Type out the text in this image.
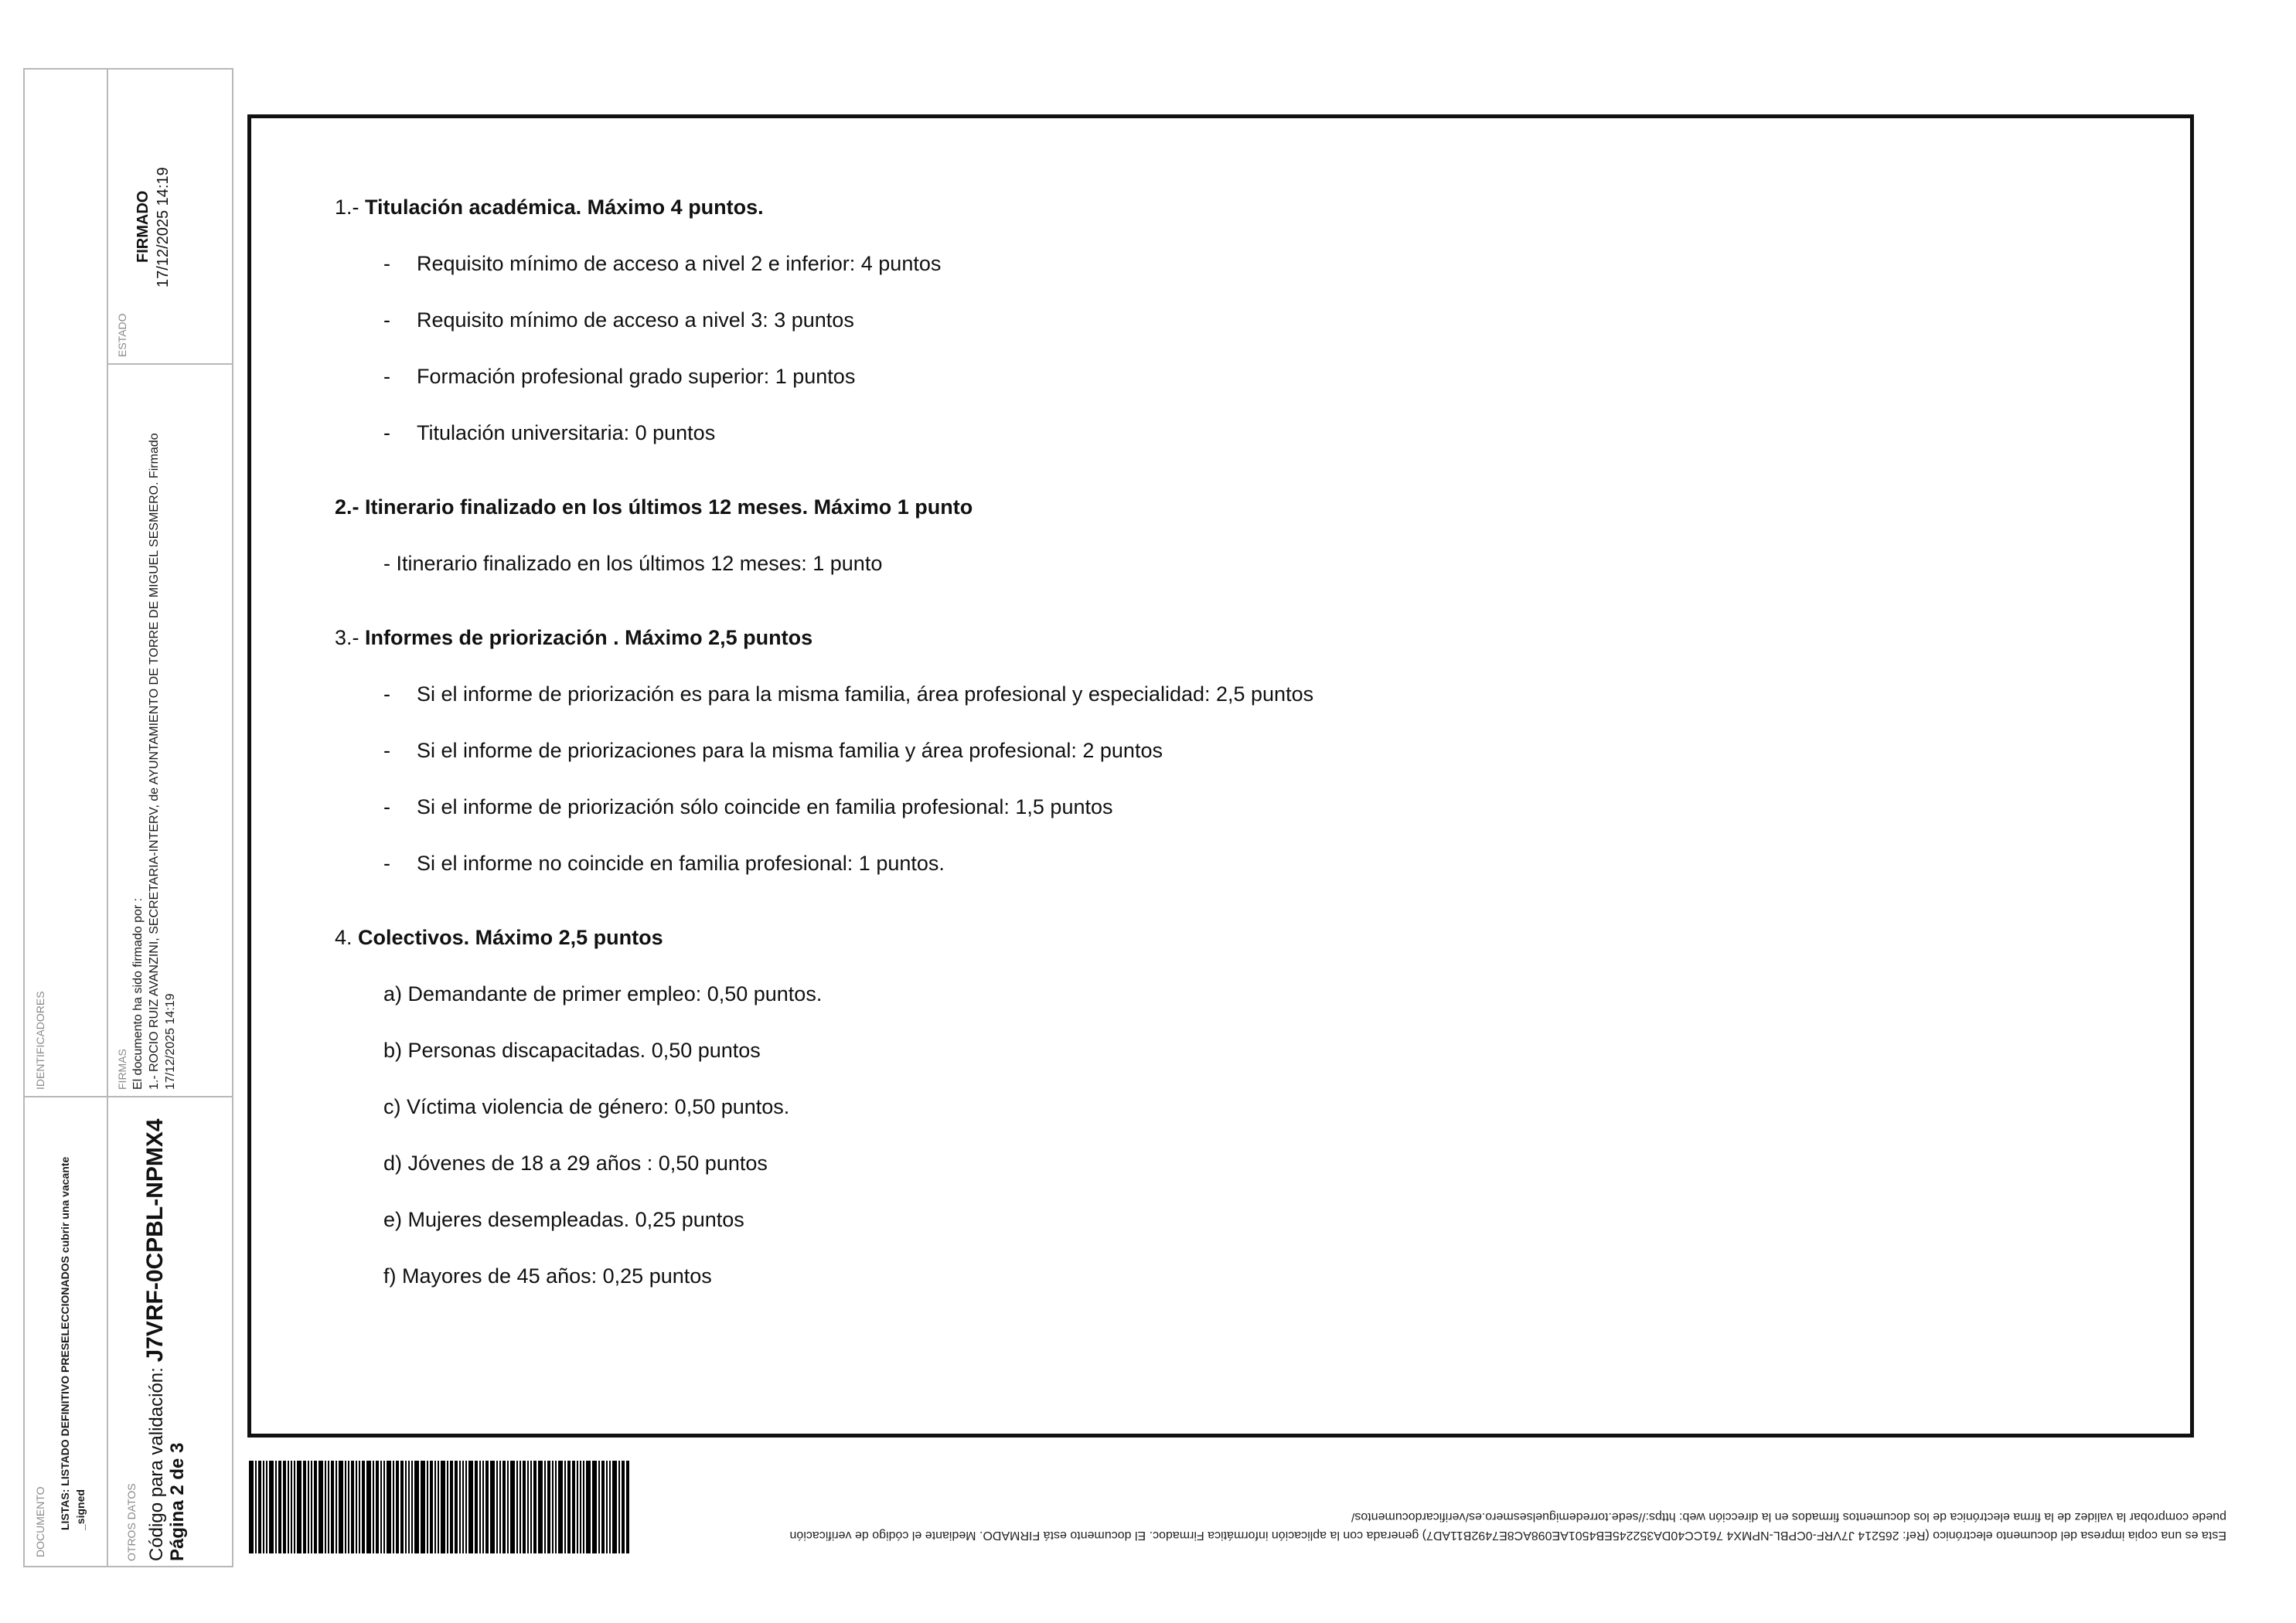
DOCUMENTO LISTAS: LISTADO DEFINITIVO PRESELECCIONADOS cubrir una vacante _signed
IDENTIFICADORES
OTROS DATOS Código para validación: J7VRF-0CPBL-NPMX4
Página 2 de 3
FIRMAS El documento ha sido firmado por : 1.- ROCIO RUIZ AVANZINI, SECRETARIA-INTERV, de AYUNTAMIENTO DE TORRE DE MIGUEL SESMERO. Firmado 17/12/2025 14:19
ESTADO
FIRMADO 17/12/2025 14:19	1.- Titulación académica. Máximo 4 puntos.
- Requisito mínimo de acceso a nivel 2 e inferior: 4 puntos
- Requisito mínimo de acceso a nivel 3: 3 puntos
- Formación profesional grado superior: 1 puntos
- Titulación universitaria: 0 puntos
2.- Itinerario finalizado en los últimos 12 meses. Máximo 1 punto
- Itinerario finalizado en los últimos 12 meses: 1 punto
3.- Informes de priorización . Máximo 2,5 puntos
- Si el informe de priorización es para la misma familia, área profesional y especialidad: 2,5 puntos
- Si el informe de priorizaciones para la misma familia y área profesional: 2 puntos
- Si el informe de priorización sólo coincide en familia profesional: 1,5 puntos
- Si el informe no coincide en familia profesional: 1 puntos.
4. Colectivos. Máximo 2,5 puntos
a) Demandante de primer empleo: 0,50 puntos.
b) Personas discapacitadas. 0,50 puntos
c) Víctima violencia de género: 0,50 puntos.
d) Jóvenes de 18 a 29 años : 0,50 puntos
e) Mujeres desempleadas. 0,25 puntos
f) Mayores de 45 años: 0,25 puntos
Esta es una copia impresa del documento electrónico (Ref: 265214 J7VRF-0CPBL-NPMX4 761CC40DA352245EB4501AE098AC8E7492B11AD7) generada con la aplicación informática Firmadoc. El documento está FIRMADO. Mediante el código de verificación
puede comprobar la validez de la firma electrónica de los documentos firmados en la dirección web: https://sede.torredemiguelsesmero.es/verificardocumentos/
